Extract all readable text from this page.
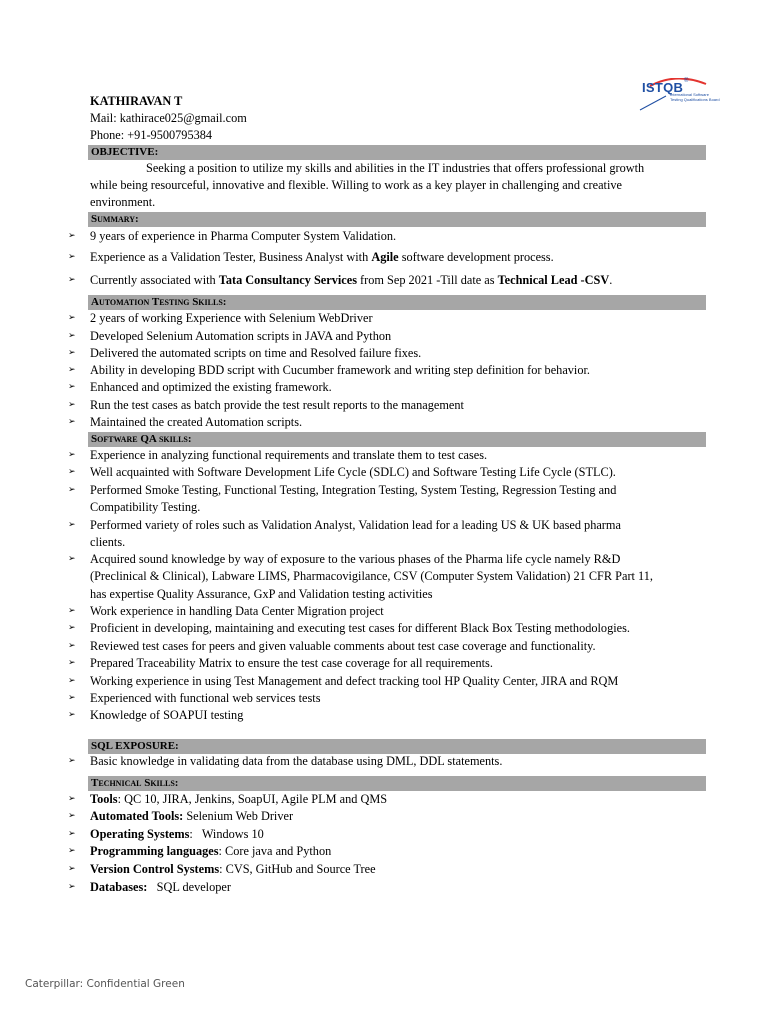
ISTQB ®
International Software Testing Qualifications Board
KATHIRAVAN T
Mail: kathirace025@gmail.com
Phone: +91-9500795384
OBJECTIVE:
Seeking a position to utilize my skills and abilities in the IT industries that offers professional growth
while being resourceful, innovative and flexible. Willing to work as a key player in challenging and creative
environment.
Summary:
➢	9 years of experience in Pharma Computer System Validation.
➢	Experience as a Validation Tester, Business Analyst with Agile software development process.
➢	Currently associated with Tata Consultancy Services from Sep 2021 -Till date as Technical Lead -CSV.
Automation Testing Skills:
➢	2 years of working Experience with Selenium WebDriver
➢	Developed Selenium Automation scripts in JAVA and Python
➢	Delivered the automated scripts on time and Resolved failure fixes.
➢	Ability in developing BDD script with Cucumber framework and writing step definition for behavior.
➢	Enhanced and optimized the existing framework.
➢	Run the test cases as batch provide the test result reports to the management
➢	Maintained the created Automation scripts.
Software QA skills:
➢	Experience in analyzing functional requirements and translate them to test cases.
➢	Well acquainted with Software Development Life Cycle (SDLC) and Software Testing Life Cycle (STLC).
➢	Performed Smoke Testing, Functional Testing, Integration Testing, System Testing, Regression Testing and
Compatibility Testing.
➢	Performed variety of roles such as Validation Analyst, Validation lead for a leading US & UK based pharma
clients.
➢	Acquired sound knowledge by way of exposure to the various phases of the Pharma life cycle namely R&D
(Preclinical & Clinical), Labware LIMS, Pharmacovigilance, CSV (Computer System Validation) 21 CFR Part 11,
has expertise Quality Assurance, GxP and Validation testing activities
➢	Work experience in handling Data Center Migration project
➢	Proficient in developing, maintaining and executing test cases for different Black Box Testing methodologies.
➢	Reviewed test cases for peers and given valuable comments about test case coverage and functionality.
➢	Prepared Traceability Matrix to ensure the test case coverage for all requirements.
➢	Working experience in using Test Management and defect tracking tool HP Quality Center, JIRA and RQM
➢	Experienced with functional web services tests
➢	Knowledge of SOAPUI testing
SQL EXPOSURE:
➢	Basic knowledge in validating data from the database using DML, DDL statements.
Technical Skills:
➢	Tools: QC 10, JIRA, Jenkins, SoapUI, Agile PLM and QMS
➢	Automated Tools: Selenium Web Driver
➢	Operating Systems:   Windows 10
➢	Programming languages: Core java and Python
➢	Version Control Systems: CVS, GitHub and Source Tree
➢	Databases:   SQL developer
Caterpillar: Confidential Green
